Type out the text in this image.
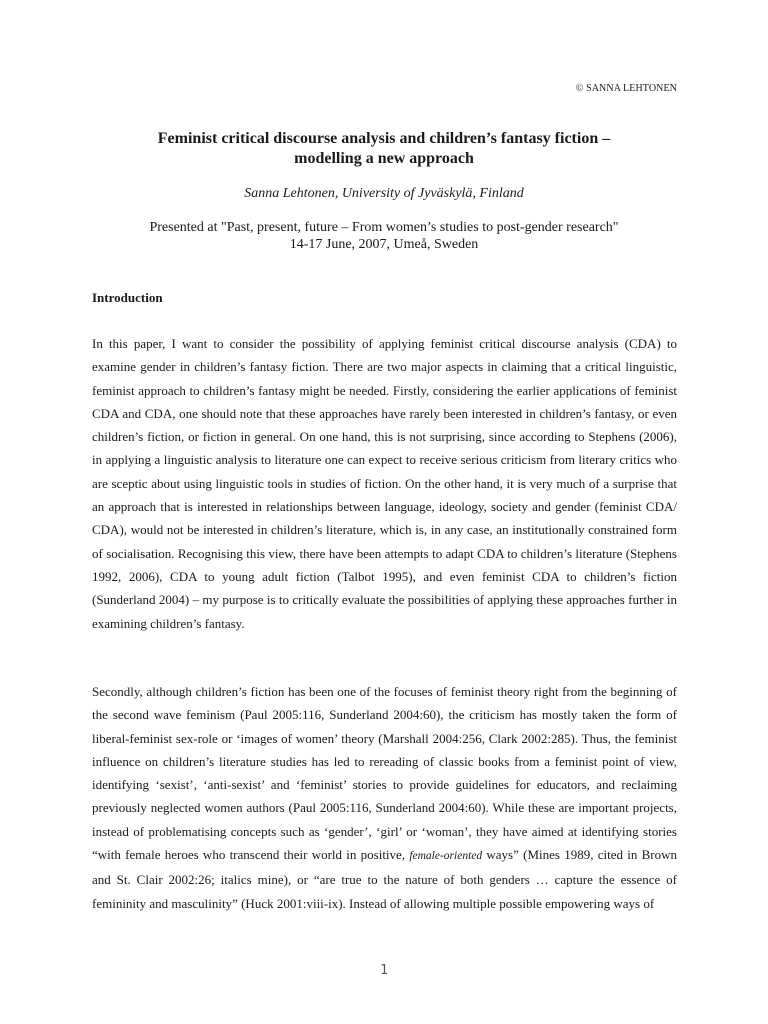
© SANNA LEHTONEN
Feminist critical discourse analysis and children’s fantasy fiction –
modelling a new approach
Sanna Lehtonen, University of Jyväskylä, Finland
Presented at "Past, present, future – From women’s studies to post-gender research"
14-17 June, 2007, Umeå, Sweden
Introduction

In this paper, I want to consider the possibility of applying feminist critical discourse analysis (CDA) to examine gender in children’s fantasy fiction. There are two major aspects in claiming that a critical linguistic, feminist approach to children’s fantasy might be needed. Firstly, considering the earlier applications of feminist CDA and CDA, one should note that these approaches have rarely been interested in children’s fantasy, or even children’s fiction, or fiction in general. On one hand, this is not surprising, since according to Stephens (2006), in applying a linguistic analysis to literature one can expect to receive serious criticism from literary critics who are sceptic about using linguistic tools in studies of fiction. On the other hand, it is very much of a surprise that an approach that is interested in relationships between language, ideology, society and gender (feminist CDA/ CDA), would not be interested in children’s literature, which is, in any case, an institutionally constrained form of socialisation. Recognising this view, there have been attempts to adapt CDA to children’s literature (Stephens 1992, 2006), CDA to young adult fiction (Talbot 1995), and even feminist CDA to children’s fiction (Sunderland 2004) – my purpose is to critically evaluate the possibilities of applying these approaches further in examining children’s fantasy.

Secondly, although children’s fiction has been one of the focuses of feminist theory right from the beginning of the second wave feminism (Paul 2005:116, Sunderland 2004:60), the criticism has mostly taken the form of liberal-feminist sex-role or ‘images of women’ theory (Marshall 2004:256, Clark 2002:285). Thus, the feminist influence on children’s literature studies has led to rereading of classic books from a feminist point of view, identifying ‘sexist’, ‘anti-sexist’ and ‘feminist’ stories to provide guidelines for educators, and reclaiming previously neglected women authors (Paul 2005:116, Sunderland 2004:60). While these are important projects, instead of problematising concepts such as ‘gender’, ‘girl’ or ‘woman’, they have aimed at identifying stories “with female heroes who transcend their world in positive, female-oriented ways” (Mines 1989, cited in Brown and St. Clair 2002:26; italics mine), or “are true to the nature of both genders … capture the essence of femininity and masculinity” (Huck 2001:viii-ix). Instead of allowing multiple possible empowering ways of

1
